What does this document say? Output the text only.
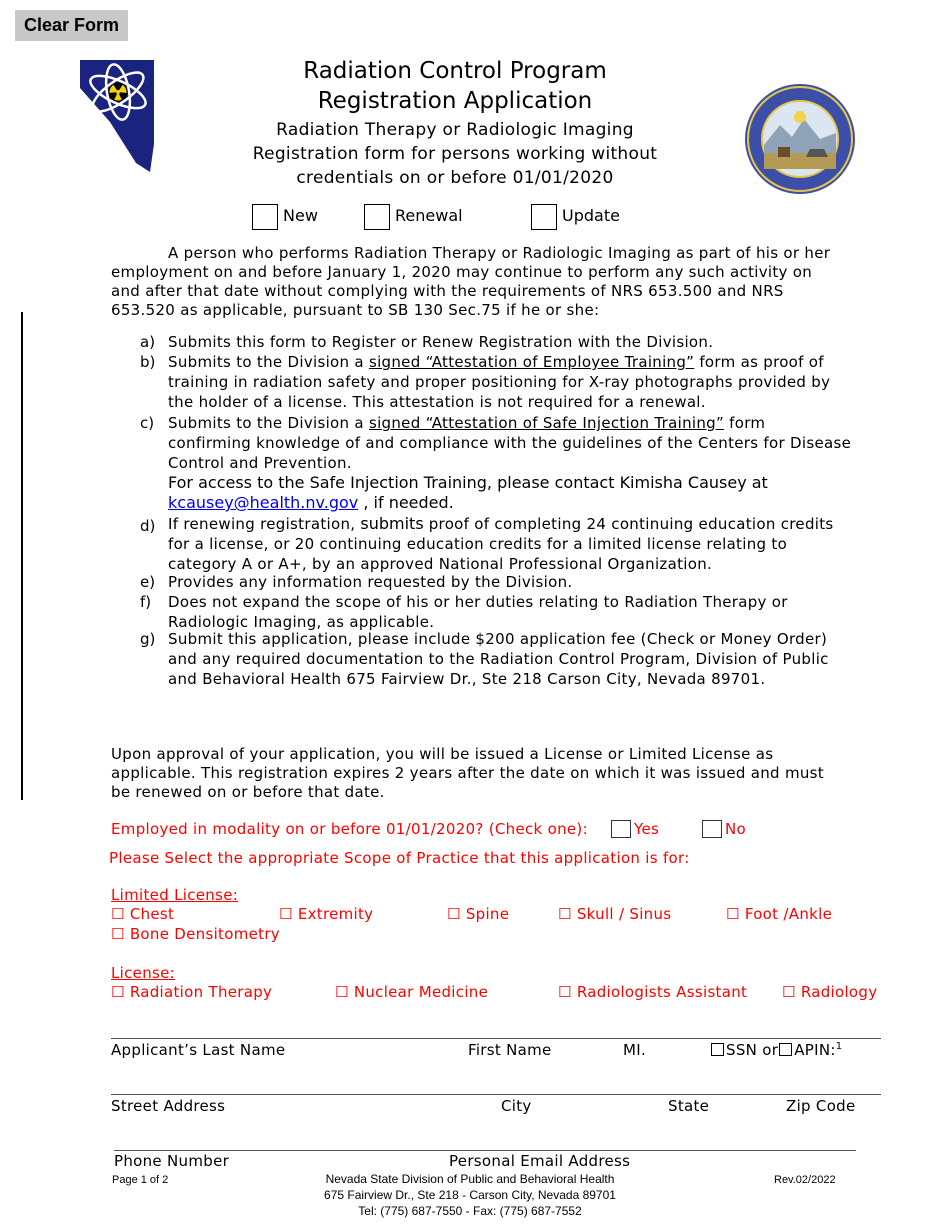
Clear Form
Radiation Control Program
Registration Application
Radiation Therapy or Radiologic Imaging
Registration form for persons working without
credentials on or before 01/01/2020
New	Renewal	Update
A person who performs Radiation Therapy or Radiologic Imaging as part of his or her
employment on and before January 1, 2020 may continue to perform any such activity on
and after that date without complying with the requirements of NRS 653.500 and NRS
653.520 as applicable, pursuant to SB 130 Sec.75 if he or she:
a) Submits this form to Register or Renew Registration with the Division.
b) Submits to the Division a signed “Attestation of Employee Training” form as proof of
training in radiation safety and proper positioning for X-ray photographs provided by
the holder of a license. This attestation is not required for a renewal.
c) Submits to the Division a signed “Attestation of Safe Injection Training” form
confirming knowledge of and compliance with the guidelines of the Centers for Disease
Control and Prevention.
For access to the Safe Injection Training, please contact Kimisha Causey at
kcausey@health.nv.gov , if needed.
d) If renewing registration, submits proof of completing 24 continuing education credits
for a license, or 20 continuing education credits for a limited license relating to
category A or A+, by an approved National Professional Organization.
e) Provides any information requested by the Division.
f) Does not expand the scope of his or her duties relating to Radiation Therapy or
Radiologic Imaging, as applicable.
g) Submit this application, please include $200 application fee (Check or Money Order)
and any required documentation to the Radiation Control Program, Division of Public
and Behavioral Health 675 Fairview Dr., Ste 218 Carson City, Nevada 89701.
Upon approval of your application, you will be issued a License or Limited License as
applicable. This registration expires 2 years after the date on which it was issued and must
be renewed on or before that date.
Employed in modality on or before 01/01/2020? (Check one):	Yes	No
Please Select the appropriate Scope of Practice that this application is for:
Limited License:
☐ Chest	☐ Extremity	☐ Spine	☐ Skull / Sinus	☐ Foot /Ankle
☐ Bone Densitometry
License:
☐ Radiation Therapy	☐ Nuclear Medicine	☐ Radiologists Assistant ☐ Radiology
Applicant’s Last Name	First Name	MI.	SSN or APIN:$^1$
Street Address	City	State	Zip Code
Phone Number	Personal Email Address
Page 1 of 2	Nevada State Division of Public and Behavioral Health
675 Fairview Dr., Ste 218 - Carson City, Nevada 89701
Tel: (775) 687-7550 - Fax: (775) 687-7552
Rev.02/2022
